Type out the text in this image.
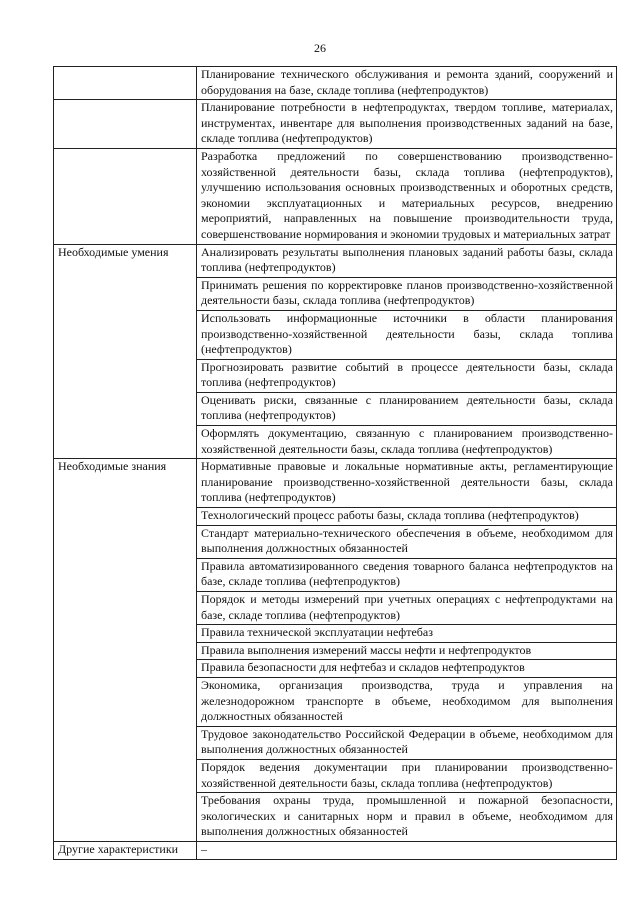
26
	Планирование технического обслуживания и ремонта зданий, сооружений и оборудования на базе, складе топлива (нефтепродуктов)
	Планирование потребности в нефтепродуктах, твердом топливе, материалах, инструментах, инвентаре для выполнения производственных заданий на базе, складе топлива (нефтепродуктов)
	Разработка предложений по совершенствованию производственно-хозяйственной деятельности базы, склада топлива (нефтепродуктов), улучшению использования основных производственных и оборотных средств, экономии эксплуатационных и материальных ресурсов, внедрению мероприятий, направленных на повышение производительности труда, совершенствование нормирования и экономии трудовых и материальных затрат
Необходимые умения	Анализировать результаты выполнения плановых заданий работы базы, склада топлива (нефтепродуктов)
	Принимать решения по корректировке планов производственно-хозяйственной деятельности базы, склада топлива (нефтепродуктов)
	Использовать информационные источники в области планирования производственно-хозяйственной деятельности базы, склада топлива (нефтепродуктов)
	Прогнозировать развитие событий в процессе деятельности базы, склада топлива (нефтепродуктов)
	Оценивать риски, связанные с планированием деятельности базы, склада топлива (нефтепродуктов)
	Оформлять документацию, связанную с планированием производственно-хозяйственной деятельности базы, склада топлива (нефтепродуктов)
Необходимые знания	Нормативные правовые и локальные нормативные акты, регламентирующие планирование производственно-хозяйственной деятельности базы, склада топлива (нефтепродуктов)
	Технологический процесс работы базы, склада топлива (нефтепродуктов)
	Стандарт материально-технического обеспечения в объеме, необходимом для выполнения должностных обязанностей
	Правила автоматизированного сведения товарного баланса нефтепродуктов на базе, складе топлива (нефтепродуктов)
	Порядок и методы измерений при учетных операциях с нефтепродуктами на базе, складе топлива (нефтепродуктов)
	Правила технической эксплуатации нефтебаз
	Правила выполнения измерений массы нефти и нефтепродуктов
	Правила безопасности для нефтебаз и складов нефтепродуктов
	Экономика, организация производства, труда и управления на железнодорожном транспорте в объеме, необходимом для выполнения должностных обязанностей
	Трудовое законодательство Российской Федерации в объеме, необходимом для выполнения должностных обязанностей
	Порядок ведения документации при планировании производственно-хозяйственной деятельности базы, склада топлива (нефтепродуктов)
	Требования охраны труда, промышленной и пожарной безопасности, экологических и санитарных норм и правил в объеме, необходимом для выполнения должностных обязанностей
Другие характеристики	–
